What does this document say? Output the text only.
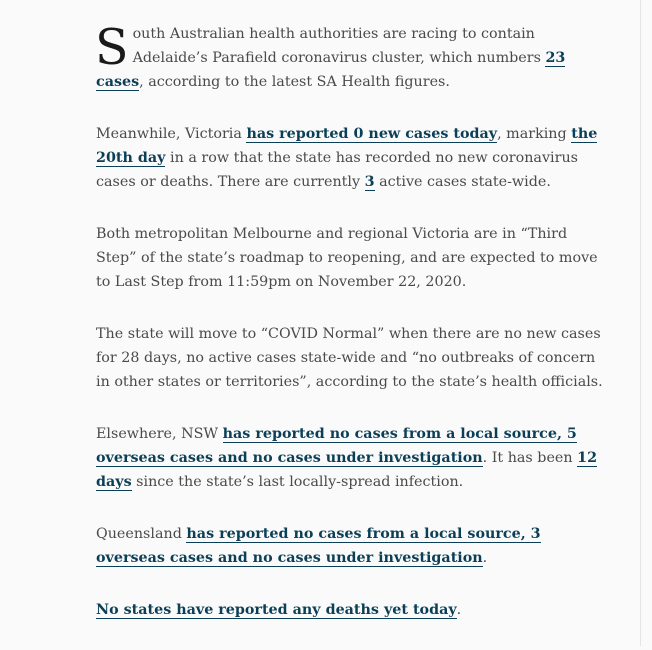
South Australian health authorities are racing to contain Adelaide’s Parafield coronavirus cluster, which numbers 23 cases, according to the latest SA Health figures.

Meanwhile, Victoria has reported 0 new cases today, marking the 20th day in a row that the state has recorded no new coronavirus cases or deaths. There are currently 3 active cases state-wide.

Both metropolitan Melbourne and regional Victoria are in “Third Step” of the state’s roadmap to reopening, and are expected to move to Last Step from 11:59pm on November 22, 2020.

The state will move to “COVID Normal” when there are no new cases for 28 days, no active cases state-wide and “no outbreaks of concern in other states or territories”, according to the state’s health officials.

Elsewhere, NSW has reported no cases from a local source, 5 overseas cases and no cases under investigation. It has been 12 days since the state’s last locally-spread infection.

Queensland has reported no cases from a local source, 3 overseas cases and no cases under investigation.

No states have reported any deaths yet today.
